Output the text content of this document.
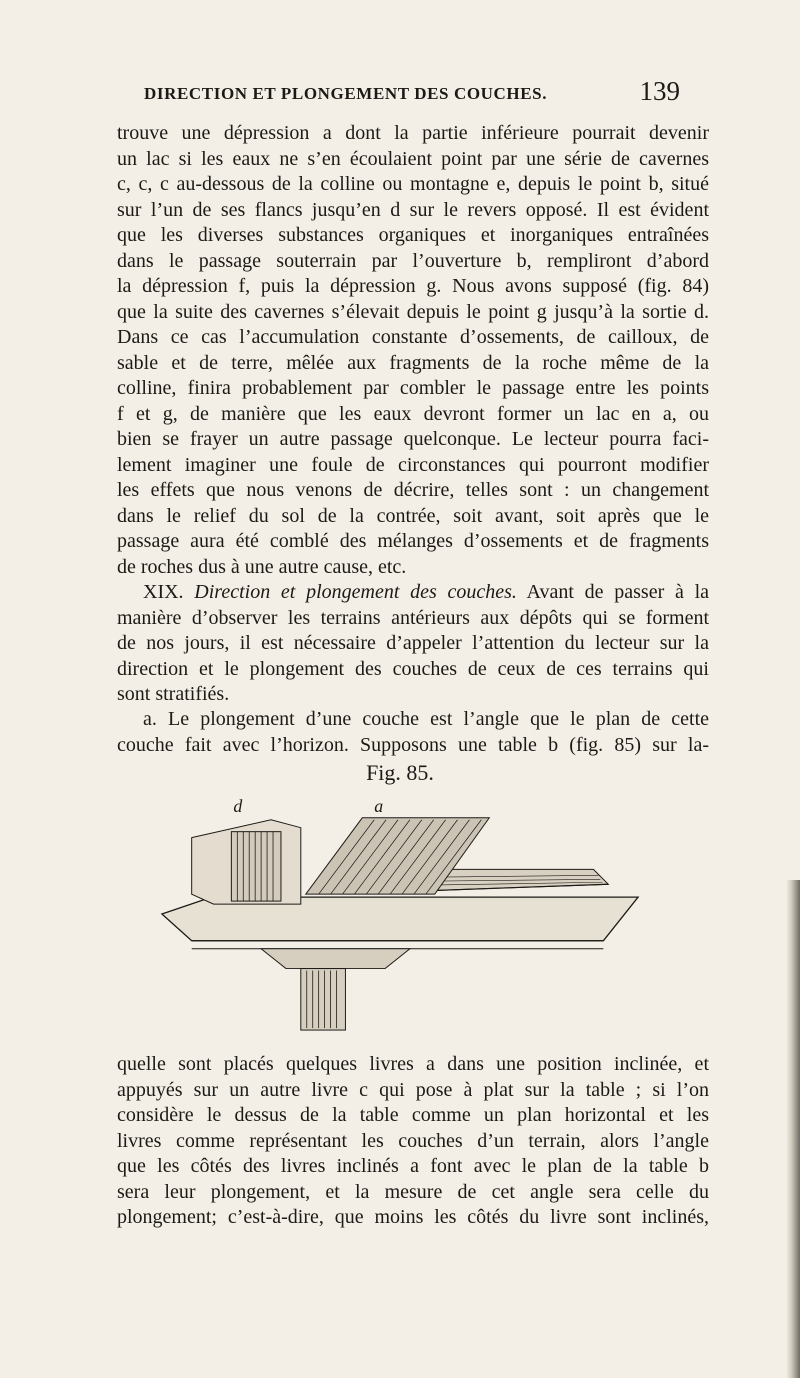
DIRECTION ET PLONGEMENT DES COUCHES.	139
trouve une dépression a dont la partie inférieure pourrait devenir
un lac si les eaux ne s’en écoulaient point par une série de cavernes
c, c, c au-dessous de la colline ou montagne e, depuis le point b, situé
sur l’un de ses flancs jusqu’en d sur le revers opposé. Il est évident
que les diverses substances organiques et inorganiques entraînées
dans le passage souterrain par l’ouverture b, rempliront d’abord
la dépression f, puis la dépression g. Nous avons supposé (fig. 84)
que la suite des cavernes s’élevait depuis le point g jusqu’à la sortie d.
Dans ce cas l’accumulation constante d’ossements, de cailloux, de
sable et de terre, mêlée aux fragments de la roche même de la
colline, finira probablement par combler le passage entre les points
f et g, de manière que les eaux devront former un lac en a, ou
bien se frayer un autre passage quelconque. Le lecteur pourra faci-
lement imaginer une foule de circonstances qui pourront modifier
les effets que nous venons de décrire, telles sont : un changement
dans le relief du sol de la contrée, soit avant, soit après que le
passage aura été comblé des mélanges d’ossements et de fragments
de roches dus à une autre cause, etc.
XIX. Direction et plongement des couches. Avant de passer à la
manière d’observer les terrains antérieurs aux dépôts qui se forment
de nos jours, il est nécessaire d’appeler l’attention du lecteur sur la
direction et le plongement des couches de ceux de ces terrains qui
sont stratifiés.
a. Le plongement d’une couche est l’angle que le plan de cette
couche fait avec l’horizon. Supposons une table b (fig. 85) sur la-
Fig. 85.
d	a
quelle sont placés quelques livres a dans une position inclinée, et
appuyés sur un autre livre c qui pose à plat sur la table ; si l’on
considère le dessus de la table comme un plan horizontal et les
livres comme représentant les couches d’un terrain, alors l’angle
que les côtés des livres inclinés a font avec le plan de la table b
sera leur plongement, et la mesure de cet angle sera celle du
plongement; c’est-à-dire, que moins les côtés du livre sont inclinés,
